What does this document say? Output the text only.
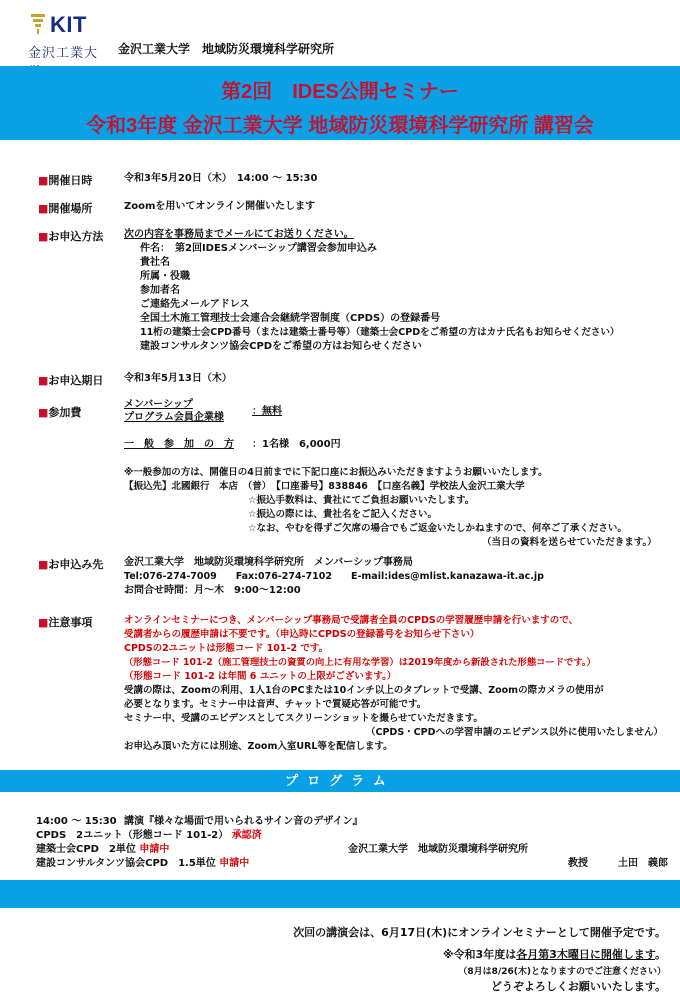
KIT
金沢工業大	金沢工業大学　地域防災環境科学研究所
第2回　IDES公開セミナー
令和3年度 金沢工業大学 地域防災環境科学研究所 講習会
■開催日時	令和3年5月20日（木）　14:00 ～ 15:30
■開催場所	Zoomを用いてオンライン開催いたします
■お申込方法 次の内容を事務局までメールにてお送りください。
件名：　第2回IDESメンバーシップ講習会参加申込み
貴社名
所属・役職
参加者名
ご連絡先メールアドレス
全国土木施工管理技士会連合会継続学習制度（CPDS）の登録番号
11桁の建築士会CPD番号（または建築士番号等）（建築士会CPDをご希望の方はカナ氏名もお知らせください）
建設コンサルタンツ協会CPDをご希望の方はお知らせください
■お申込期日 令和3年5月13日（木）
■参加費
メンバーシップ
プログラム会員企業様
：無料
一　般　参　加　の　方 ：1名様　6,000円
※一般参加の方は、開催日の4日前までに下記口座にお振込みいただきますようお願いいたします。
【振込先】北國銀行　本店　（普）　【口座番号】838846　【口座名義】学校法人金沢工業大学
☆振込手数料は、貴社にてご負担お願いいたします。
☆振込の際には、貴社名をご記入ください。
☆なお、やむを得ずご欠席の場合でもご返金いたしかねますので、何卒ご了承ください。
（当日の資料を送らせていただきます。）
■お申込み先 金沢工業大学　地域防災環境科学研究所　メンバーシップ事務局
Tel:076-274-7009　　Fax:076-274-7102　　E-mail:ides@mlist.kanazawa-it.ac.jp
お問合せ時間：月～木　9:00～12:00
■注意事項	オンラインセミナーにつき、メンバーシップ事務局で受講者全員のCPDSの学習履歴申請を行いますので、
受講者からの履歴申請は不要です。（申込時にCPDSの登録番号をお知らせ下さい）
CPDSの2ユニットは形態コード 101-2 です。
（形態コード 101-2（施工管理技士の資質の向上に有用な学習）は2019年度から新設された形態コードです。）
（形態コード 101-2 は年間 6 ユニットの上限がございます。）
受講の際は、Zoomの利用、1人1台のPCまたは10インチ以上のタブレットで受講、Zoomの際カメラの使用が
必要となります。セミナー中は音声、チャットで質疑応答が可能です。
セミナー中、受講のエビデンスとしてスクリーンショットを撮らせていただきます。
（CPDS・CPDへの学習申請のエビデンス以外に使用いたしません）
お申込み頂いた方には別途、Zoom入室URL等を配信します。
プログラム
14:00 ～ 15:30 講演『様々な場面で用いられるサイン音のデザイン』
CPDS　2ユニット（形態コード 101-2） 承認済
建築士会CPD　2単位 申請中
建設コンサルタンツ協会CPD　1.5単位 申請中
金沢工業大学　地域防災環境科学研究所
教授	土田　義郎
次回の講演会は、6月17日(木)にオンラインセミナーとして開催予定です。
※令和3年度は各月第3木曜日に開催します。
（8月は8/26(木)となりますのでご注意ください）
どうぞよろしくお願いいたします。
